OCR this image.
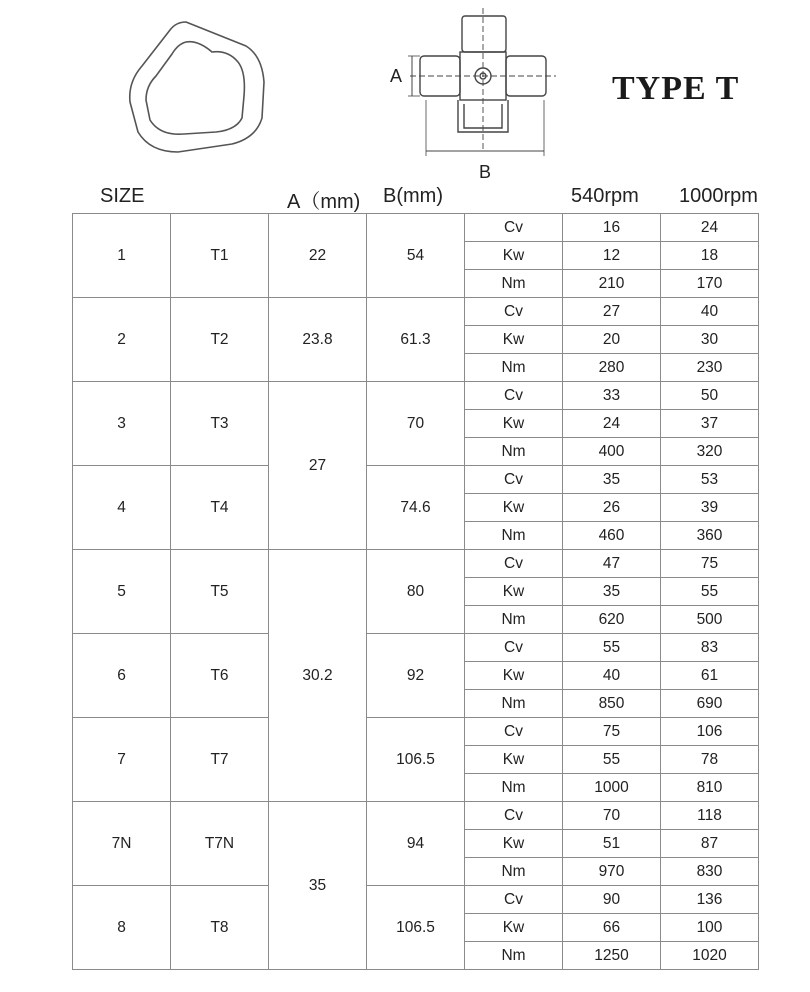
A
B
TYPE T
SIZE	A（mm) B(mm)	540rpm 1000rpm
1	T1	22	54	Cv	16	24
				Kw	12	18
				Nm	210	170
2	T2	23.8	61.3	Cv	27	40
				Kw	20	30
				Nm	280	230
3	T3	27	70	Cv	33	50
				Kw	24	37
				Nm	400	320
4	T4		74.6	Cv	35	53
				Kw	26	39
				Nm	460	360
5	T5	30.2	80	Cv	47	75
				Kw	35	55
				Nm	620	500
6	T6		92	Cv	55	83
				Kw	40	61
				Nm	850	690
7	T7		106.5	Cv	75	106
				Kw	55	78
				Nm	1000	810
7N	T7N	35	94	Cv	70	118
				Kw	51	87
				Nm	970	830
8	T8		106.5	Cv	90	136
				Kw	66	100
				Nm	1250	1020
